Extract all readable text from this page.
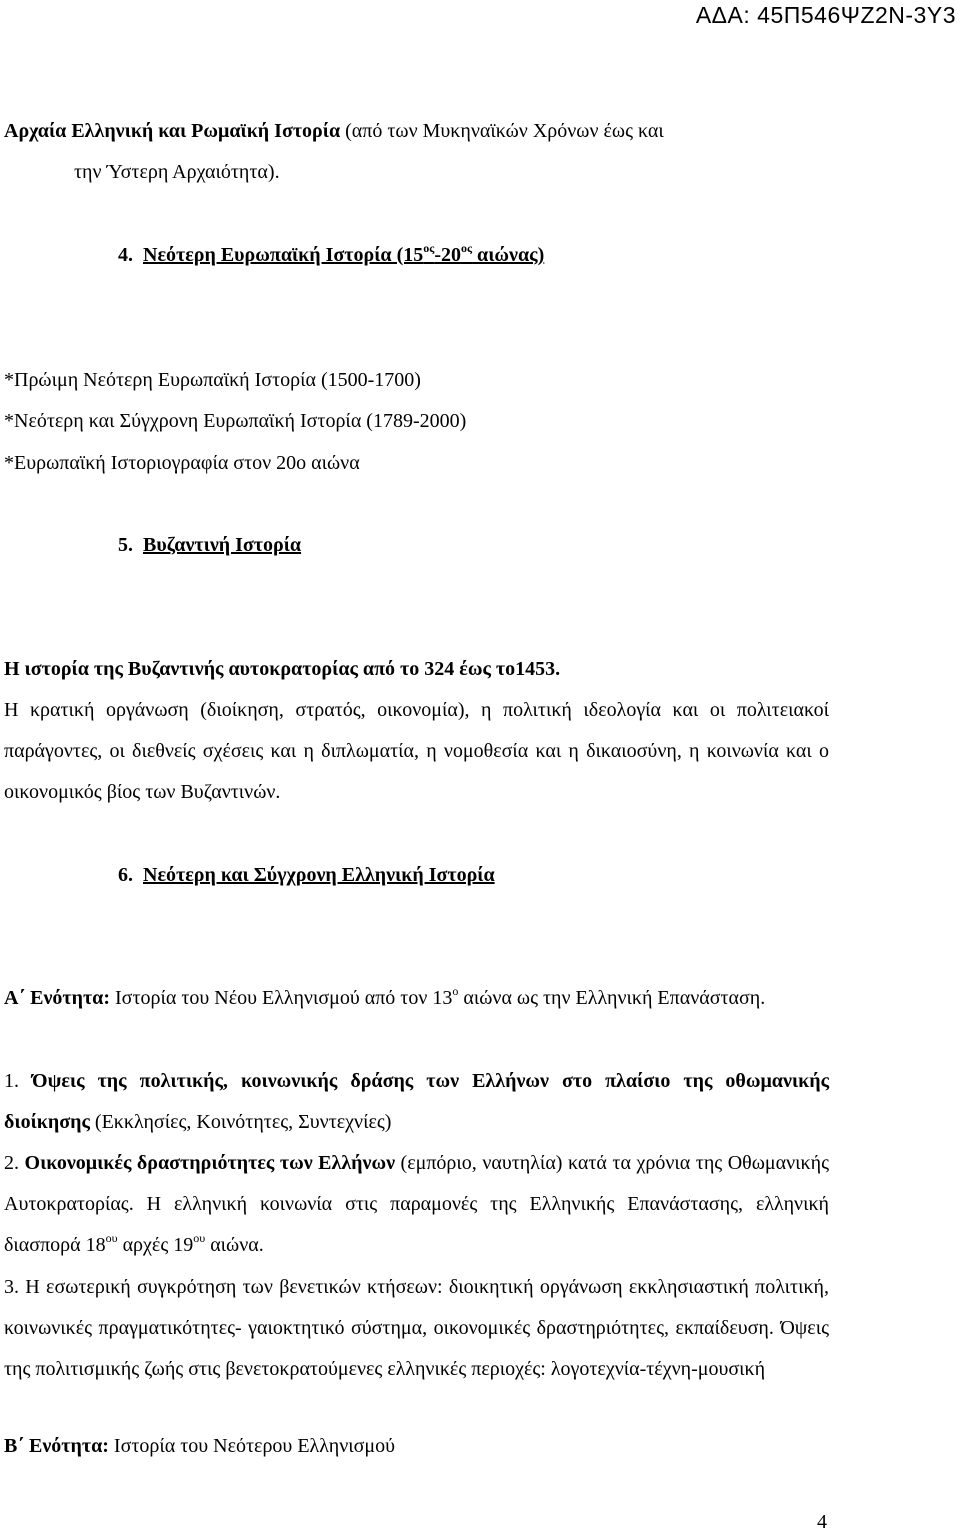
ΑΔΑ: 45Π546ΨΖ2Ν-3Υ3

Αρχαία Ελληνική και Ρωμαϊκή Ιστορία (από των Μυκηναϊκών Χρόνων έως και

την Ύστερη Αρχαιότητα).

4. Νεότερη Ευρωπαϊκή Ιστορία ($15^{o\varsigma}-20^{o\varsigma}$ αιώνας)

*Πρώιμη Νεότερη Ευρωπαϊκή Ιστορία (1500-1700)

*Νεότερη και Σύγχρονη Ευρωπαϊκή Ιστορία (1789-2000)

*Ευρωπαϊκή Ιστοριογραφία στον 20ο αιώνα

5. Βυζαντινή Ιστορία

Η ιστορία της Βυζαντινής αυτοκρατορίας από το 324 έως το1453.

Η κρατική οργάνωση (διοίκηση, στρατός, οικονομία), η πολιτική ιδεολογία και οι πολιτειακοί παράγοντες, οι διεθνείς σχέσεις και η διπλωματία, η νομοθεσία και η δικαιοσύνη, η κοινωνία και ο οικονομικός βίος των Βυζαντινών.

6. Νεότερη και Σύγχρονη Ελληνική Ιστορία

Α΄ Ενότητα: Ιστορία του Νέου Ελληνισμού από τον $13^o$ αιώνα ως την Ελληνική Επανάσταση.

1. Όψεις της πολιτικής, κοινωνικής δράσης των Ελλήνων στο πλαίσιο της οθωμανικής διοίκησης (Εκκλησίες, Κοινότητες, Συντεχνίες)

2. Οικονομικές δραστηριότητες των Ελλήνων (εμπόριο, ναυτηλία) κατά τα χρόνια της Οθωμανικής Αυτοκρατορίας. Η ελληνική κοινωνία στις παραμονές της Ελληνικής Επανάστασης, ελληνική διασπορά $18^{o\upsilon}$ αρχές $19^{o\upsilon}$ αιώνα.

3. Η εσωτερική συγκρότηση των βενετικών κτήσεων: διοικητική οργάνωση εκκλησιαστική πολιτική, κοινωνικές πραγματικότητες- γαιοκτητικό σύστημα, οικονομικές δραστηριότητες, εκπαίδευση. Όψεις της πολιτισμικής ζωής στις βενετοκρατούμενες ελληνικές περιοχές: λογοτεχνία-τέχνη-μουσική

Β΄ Ενότητα: Ιστορία του Νεότερου Ελληνισμού

4
